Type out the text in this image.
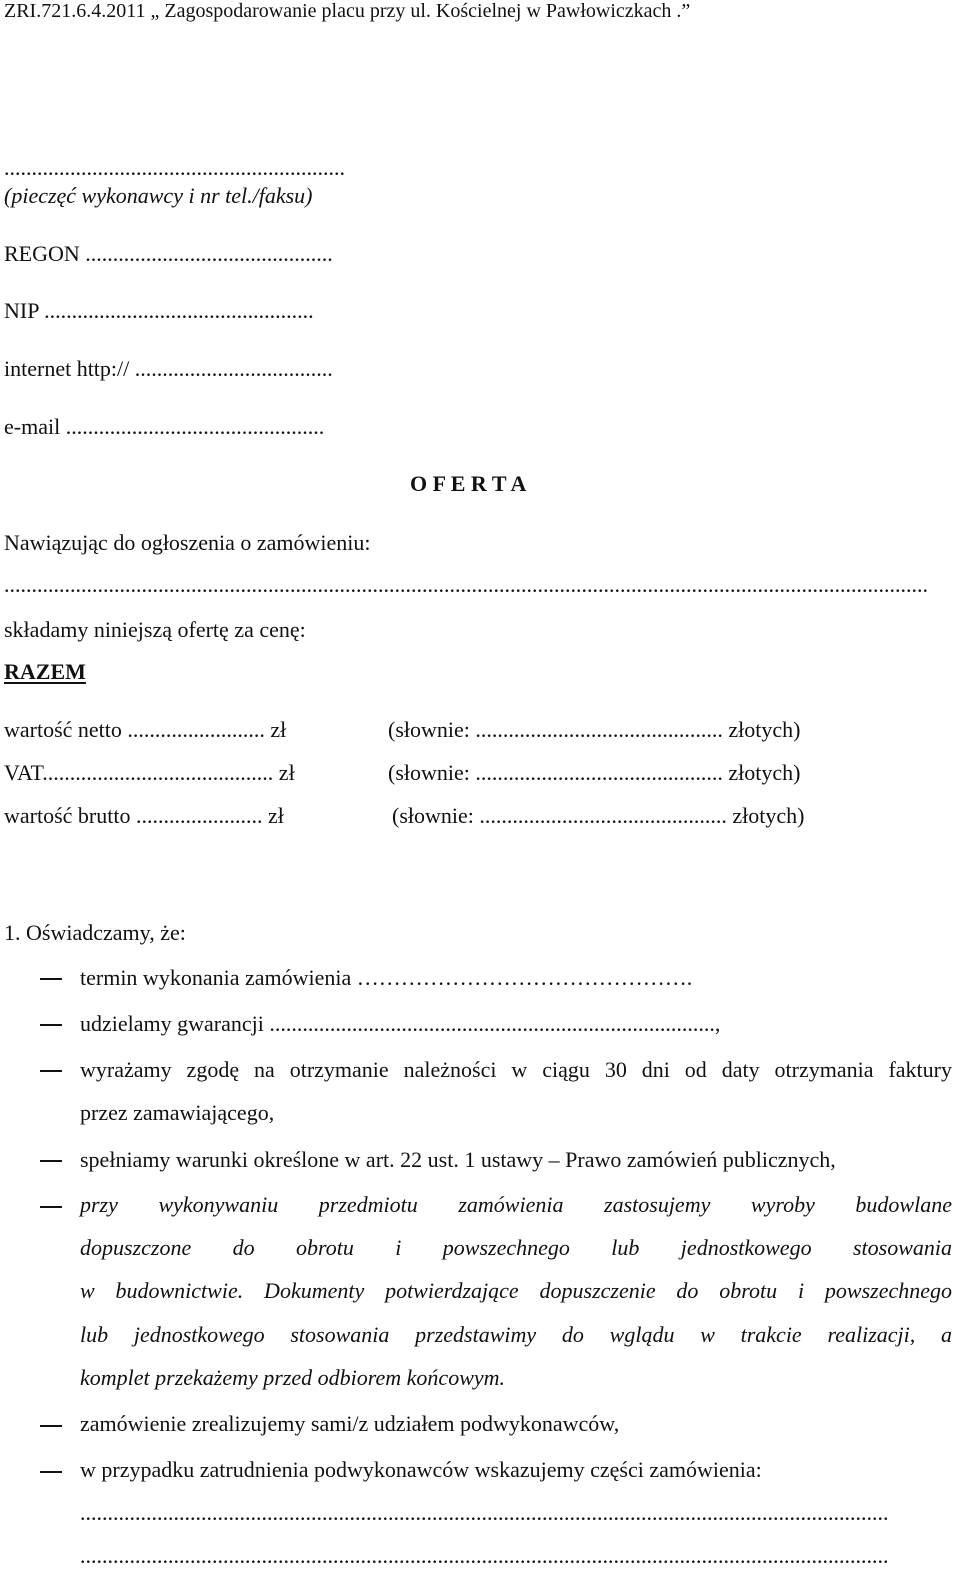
ZRI.721.6.4.2011 „ Zagospodarowanie placu przy ul. Kościelnej w Pawłowiczkach .”
..............................................................
(pieczęć wykonawcy i nr tel./faksu)
REGON .............................................
NIP .................................................
internet http:// ....................................
e-mail ...............................................
O F E R T A
Nawiązując do ogłoszenia o zamówieniu:
........................................................................................................................................................................
składamy niniejszą ofertę za cenę:
RAZEM
wartość netto ......................... zł	(słownie: ............................................. złotych)
VAT.......................................... zł	(słownie: ............................................. złotych)
wartość brutto ....................... zł	(słownie: ............................................. złotych)
1. Oświadczamy, że:
termin wykonania zamówienia ……………………………………….
udzielamy gwarancji .................................................................................,
wyrażamy zgodę na otrzymanie należności w ciągu 30 dni od daty otrzymania faktury
przez zamawiającego,
spełniamy warunki określone w art. 22 ust. 1 ustawy – Prawo zamówień publicznych,
przy wykonywaniu przedmiotu zamówienia zastosujemy wyroby budowlane
dopuszczone do obrotu i powszechnego lub jednostkowego stosowania
w budownictwie. Dokumenty potwierdzające dopuszczenie do obrotu i powszechnego
lub jednostkowego stosowania przedstawimy do wglądu w trakcie realizacji, a
komplet przekażemy przed odbiorem końcowym.
zamówienie zrealizujemy sami/z udziałem podwykonawców,
w przypadku zatrudnienia podwykonawców wskazujemy części zamówienia:
...................................................................................................................................................
...................................................................................................................................................
